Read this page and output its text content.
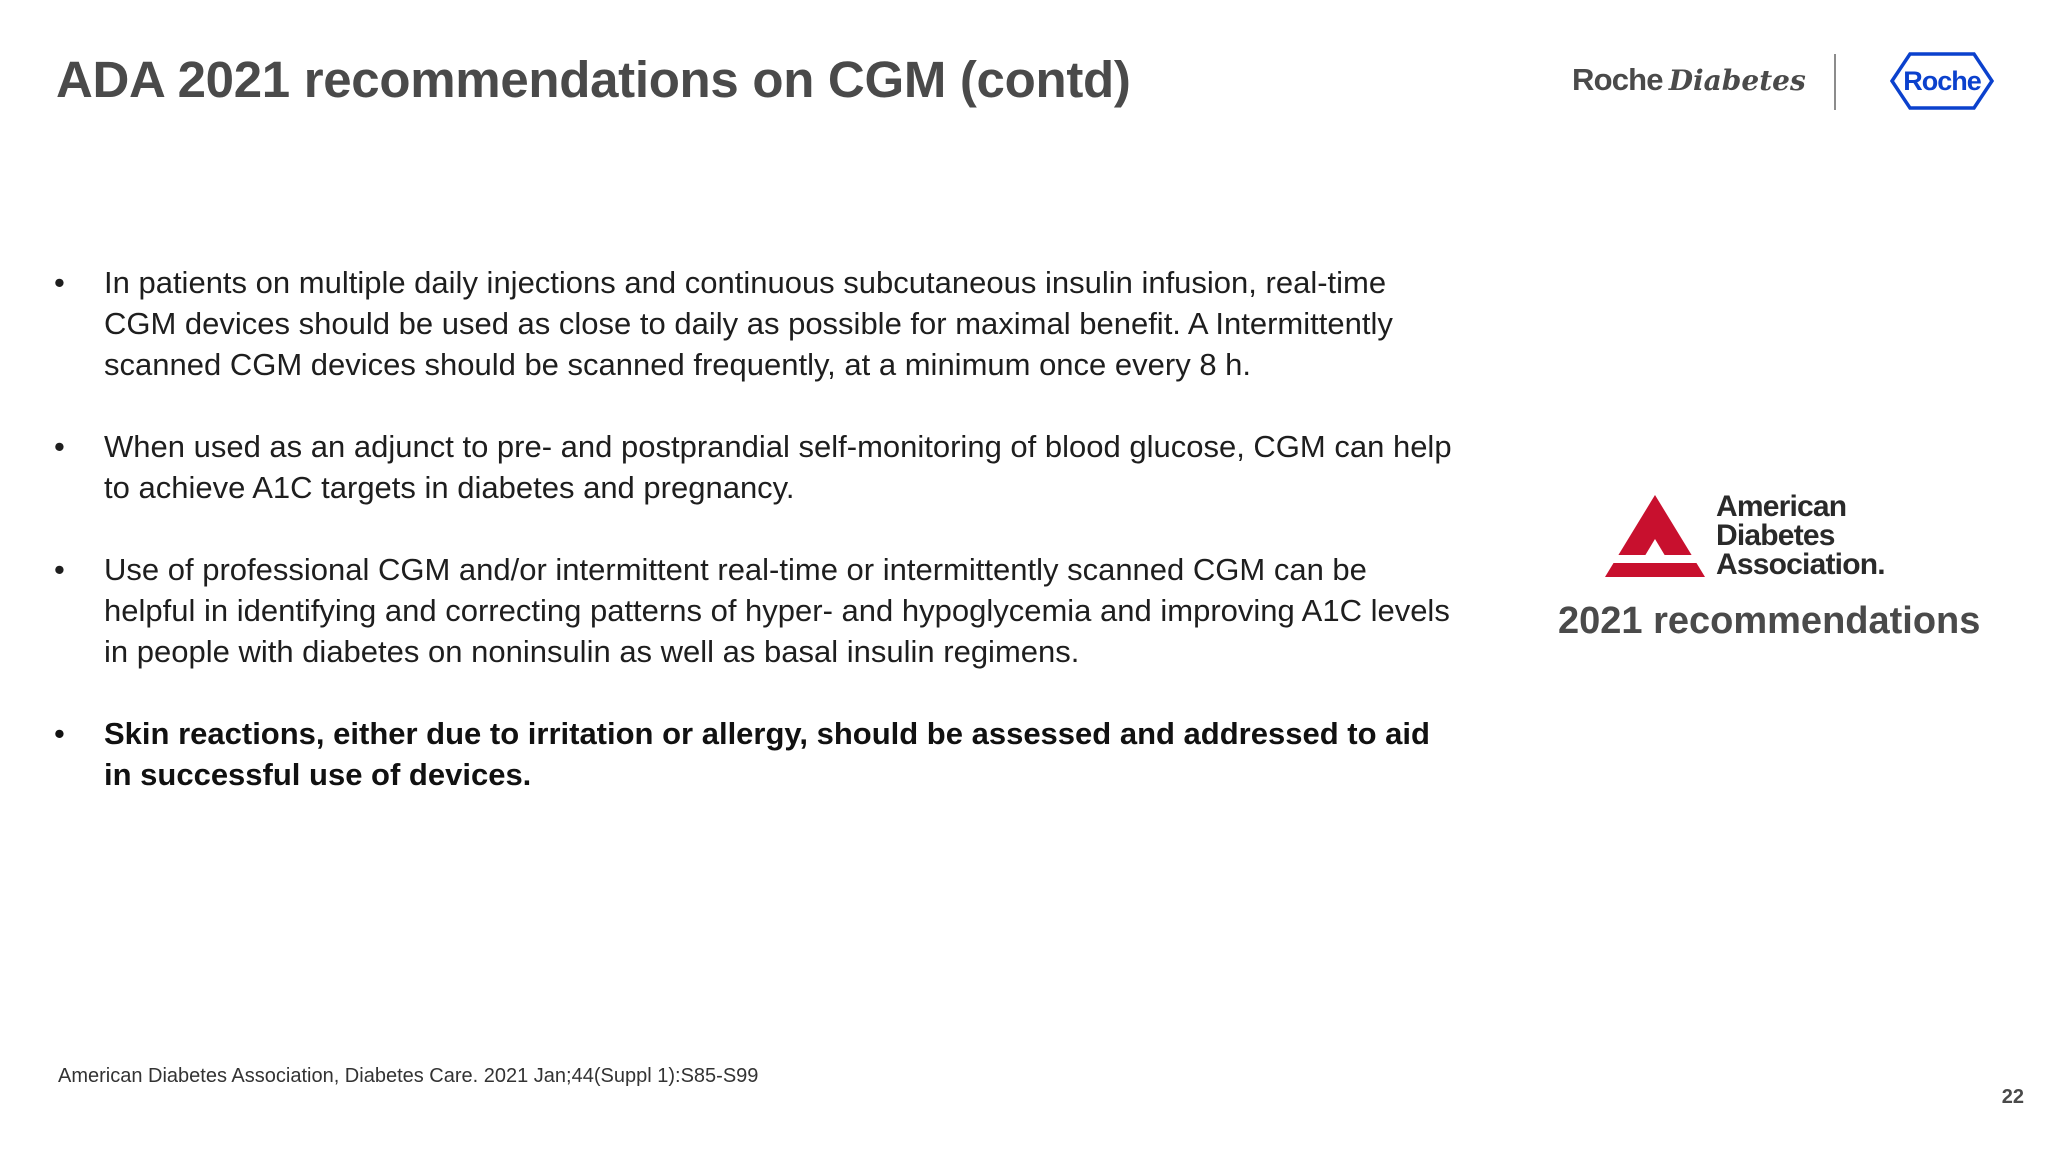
ADA 2021 recommendations on CGM (contd)	Roche Diabetes	Roche
• In patients on multiple daily injections and continuous subcutaneous insulin infusion, real-time CGM devices should be used as close to daily as possible for maximal benefit. A Intermittently scanned CGM devices should be scanned frequently, at a minimum once every 8 h.
• When used as an adjunct to pre- and postprandial self-monitoring of blood glucose, CGM can help to achieve A1C targets in diabetes and pregnancy.
• Use of professional CGM and/or intermittent real-time or intermittently scanned CGM can be helpful in identifying and correcting patterns of hyper- and hypoglycemia and improving A1C levels in people with diabetes on noninsulin as well as basal insulin regimens.
• Skin reactions, either due to irritation or allergy, should be assessed and addressed to aid in successful use of devices.
American
Diabetes
Association.
2021 recommendations
American Diabetes Association, Diabetes Care. 2021 Jan;44(Suppl 1):S85-S99
22
